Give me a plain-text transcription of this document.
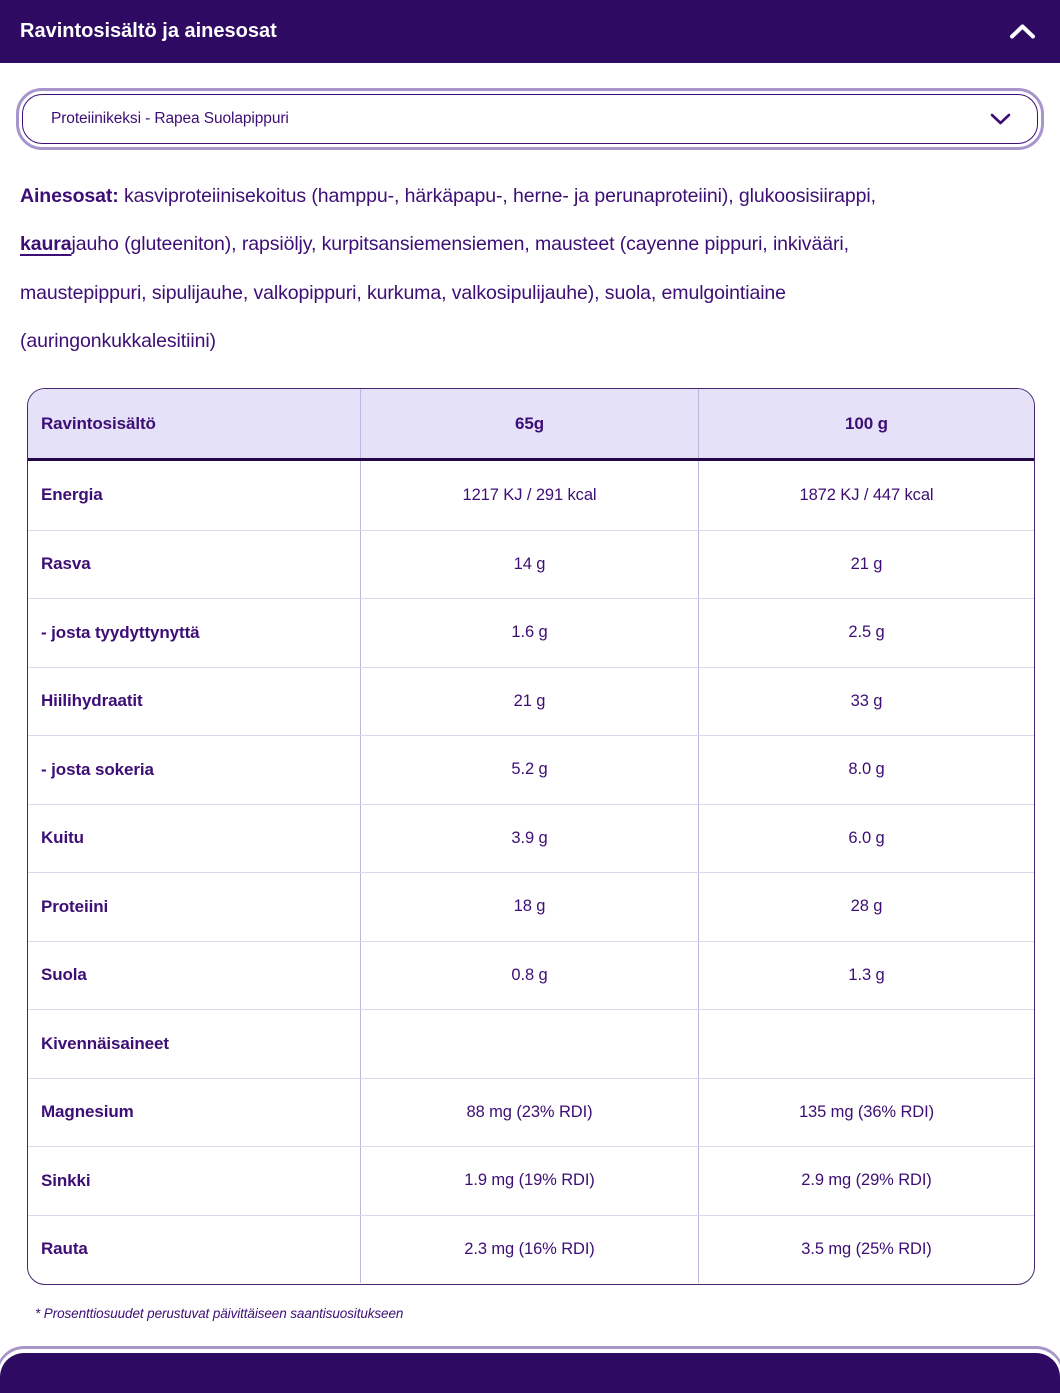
Ravintosisältö ja ainesosat
Proteiinikeksi - Rapea Suolapippuri

Ainesosat: kasviproteiinisekoitus (hamppu-, härkäpapu-, herne- ja perunaproteiini), glukoosisiirappi,
kaurajauho (gluteeniton), rapsiöljy, kurpitsansiemensiemen, mausteet (cayenne pippuri, inkivääri,
maustepippuri, sipulijauhe, valkopippuri, kurkuma, valkosipulijauhe), suola, emulgointiaine
(auringonkukkalesitiini)

Ravintosisältö	65g	100 g
Energia	1217 KJ / 291 kcal	1872 KJ / 447 kcal
Rasva	14 g	21 g
- josta tyydyttynyttä	1.6 g	2.5 g
Hiilihydraatit	21 g	33 g
- josta sokeria	5.2 g	8.0 g
Kuitu	3.9 g	6.0 g
Proteiini	18 g	28 g
Suola	0.8 g	1.3 g
Kivennäisaineet
Magnesium	88 mg (23% RDI)	135 mg (36% RDI)
Sinkki	1.9 mg (19% RDI)	2.9 mg (29% RDI)
Rauta	2.3 mg (16% RDI)	3.5 mg (25% RDI)

* Prosenttiosuudet perustuvat päivittäiseen saantisuositukseen
